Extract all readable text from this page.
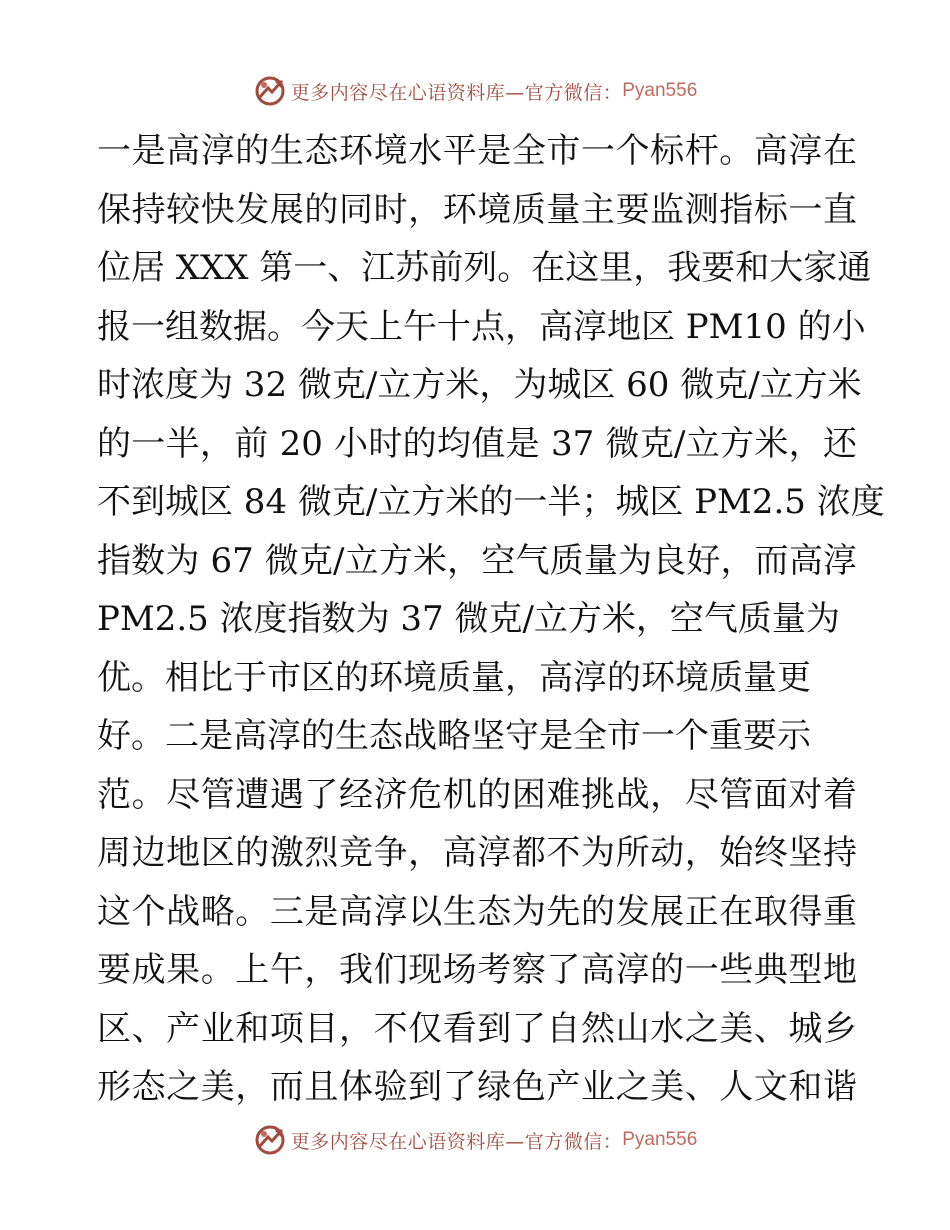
更多内容尽在心语资料库—官方微信： Pyan556

一是高淳的生态环境水平是全市一个标杆。高淳在
保持较快发展的同时，环境质量主要监测指标一直
位居 XXX 第一、江苏前列。在这里，我要和大家通
报一组数据。今天上午十点，高淳地区 PM10 的小
时浓度为 32 微克/立方米，为城区 60 微克/立方米
的一半，前 20 小时的均值是 37 微克/立方米，还
不到城区 84 微克/立方米的一半；城区 PM2.5 浓度
指数为 67 微克/立方米，空气质量为良好，而高淳
PM2.5 浓度指数为 37 微克/立方米，空气质量为
优。相比于市区的环境质量，高淳的环境质量更
好。二是高淳的生态战略坚守是全市一个重要示
范。尽管遭遇了经济危机的困难挑战，尽管面对着
周边地区的激烈竞争，高淳都不为所动，始终坚持
这个战略。三是高淳以生态为先的发展正在取得重
要成果。上午，我们现场考察了高淳的一些典型地
区、产业和项目，不仅看到了自然山水之美、城乡
形态之美，而且体验到了绿色产业之美、人文和谐

更多内容尽在心语资料库—官方微信： Pyan556
